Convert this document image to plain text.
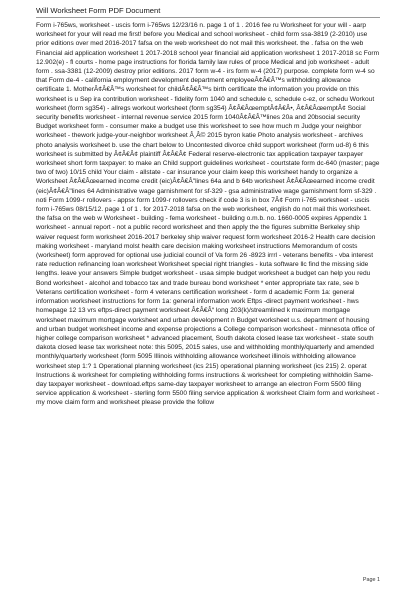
Will Worksheet Form PDF Document
Form i-765ws, worksheet - uscis form i-765ws 12/23/16 n. page 1 of 1 . 2016 fee ru Worksheet for your will - aarp worksheet for your will read me first! before you Medical and school worksheet - child form ssa-3819 (2-2010) use prior editions over med 2016-2017 fafsa on the web worksheet do not mail this worksheet. the . fafsa on the web Financial aid application worksheet 1 2017-2018 school year financial aid application worksheet 1 2017-2018 sc Form 12.902(e) - fl courts - home page instructions for florida family law rules of proce Medical and job worksheet - adult form . ssa-3381 (12-2009) destroy prior editions. 2017 form w-4 - irs form w-4 (2017) purpose. complete form w-4 so that Form de-4 - california employment development department employeeÂ¢Â€Â™s withholding allowance certificate 1. MotherÂ¢Â€Â™s worksheet for childÂ¢Â€Â™s birth certificate the information you provide on this worksheet is u Sep ira contribution worksheet - fidelity form 1040 and schedule c, schedule c-ez, or schedu Workout worksheet (form sg354) - allregs workout worksheet (form sg354) Â¢Â€ÂœemptÂ¢Â€Â•, Â¢Â€ÂœemptÂ¢ Social security benefits worksheet - internal revenue service 2015 form 1040Â¢Â€Â™lines 20a and 20bsocial security Budget worksheet form - consumer make a budget use this worksheet to see how much m Judge your neighbor worksheet - thework judge-your-neighbor worksheet Â¸Â© 2015 byron katie Photo analysis worksheet - archives photo analysis worksheet b. use the chart below to Uncontested divorce child support worksheet (form ud-8) 6 this worksheet is submitted by Â¢Â€Â¢ plaintiff Â¢Â€Â¢ Federal reserve-electronic tax application taxpayer taxpayer worksheet short form taxpayer: to make an Child support guidelines worksheet - courtstate form dc-640 (master; page two of two) 10/15 child Your claim - allstate - car insurance your claim keep this worksheet handy to organize a Worksheet Â¢Â€Âœearned income credit (eic)Â¢Â€Â"lines 64a and b 64b worksheet Â¢Â€Âœearned income credit (eic)Â¢Â€Â"lines 64 Administrative wage garnishment for sf-329 - gsa administrative wage garnishment form sf-329 . noti Form 1099-r rollovers - appsx form 1099-r rollovers check if code 3 is in box 7Â¢ Form i-765 worksheet - uscis form i-765ws 08/15/12. page 1 of 1 . for 2017-2018 fafsa on the web worksheet, english do not mail this worksheet. the fafsa on the web w Worksheet - building - fema worksheet - building o.m.b. no. 1660-0005 expires Appendix 1 worksheet - annual report - not a public record worksheet and then apply the the figures submitte Berkeley ship waiver request form worksheet 2016-2017 berkeley ship waiver request form worksheet 2016-2 Health care decision making worksheet - maryland molst health care decision making worksheet instructions Memorandum of costs (worksheet) form approved for optional use judicial council of Va form 26 -8923 irrrl - veterans benefits - vba interest rate reduction refinancing loan worksheet Worksheet special right triangles - kuta software llc find the missing side lengths. leave your answers Simple budget worksheet - usaa simple budget worksheet a budget can help you redu Bond worksheet - alcohol and tobacco tax and trade bureau bond worksheet * enter appropriate tax rate, see b Veterans certification worksheet - form 4 veterans certification worksheet - form d academic Form 1a: general information worksheet instructions for form 1a: general information work Eftps -direct payment worksheet - hws homepage 12 13 vrs eftps-direct payment worksheet Â¢Â€Â“ long 203(k)/streamlined k maximum mortgage worksheet maximum mortgage worksheet and urban development n Budget worksheet u.s. department of housing and urban budget worksheet income and expense projections a College comparison worksheet - minnesota office of higher college comparison worksheet * advanced placement, South dakota closed lease tax worksheet - state south dakota closed lease tax worksheet note: this 5095, 2015 sales, use and withholding monthly/quarterly and amended monthly/quarterly worksheet (form 5095 Illinois withholding allowance worksheet illinois withholding allowance worksheet step 1:? 1 Operational planning worksheet (ics 215) operational planning worksheet (ics 215) 2. operat Instructions & worksheet for completing withholding forms instructions & worksheet for completing withholdin Same-day taxpayer worksheet - download.eftps same-day taxpayer worksheet to arrange an electron Form 5500 filing service application & worksheet - sterling form 5500 filing service application & worksheet Claim form and worksheet - my move claim form and worksheet please provide the follow
Page 1
